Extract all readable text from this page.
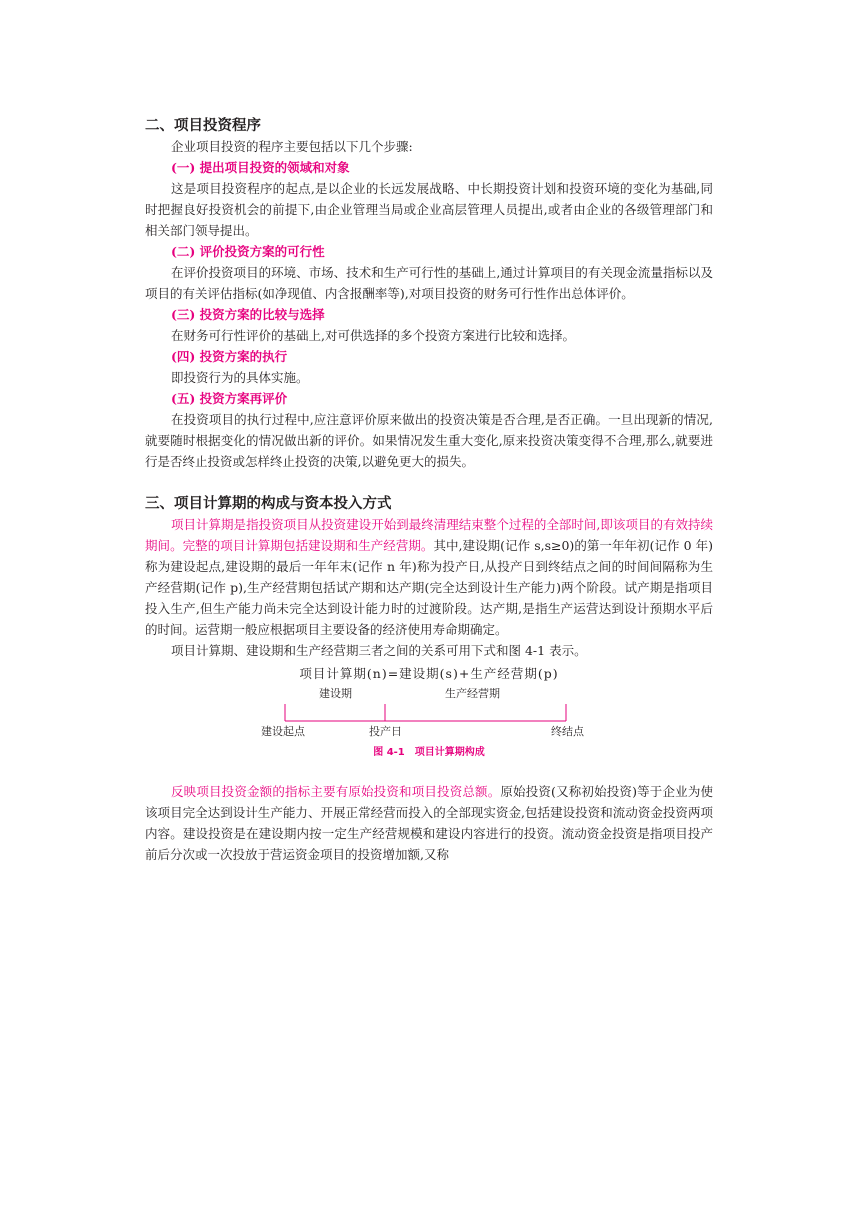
二、项目投资程序

企业项目投资的程序主要包括以下几个步骤:

(一) 提出项目投资的领域和对象

这是项目投资程序的起点,是以企业的长远发展战略、中长期投资计划和投资环境的变化为基础,同时把握良好投资机会的前提下,由企业管理当局或企业高层管理人员提出,或者由企业的各级管理部门和相关部门领导提出。

(二) 评价投资方案的可行性

在评价投资项目的环境、市场、技术和生产可行性的基础上,通过计算项目的有关现金流量指标以及项目的有关评估指标(如净现值、内含报酬率等),对项目投资的财务可行性作出总体评价。

(三) 投资方案的比较与选择

在财务可行性评价的基础上,对可供选择的多个投资方案进行比较和选择。

(四) 投资方案的执行

即投资行为的具体实施。

(五) 投资方案再评价

在投资项目的执行过程中,应注意评价原来做出的投资决策是否合理,是否正确。一旦出现新的情况,就要随时根据变化的情况做出新的评价。如果情况发生重大变化,原来投资决策变得不合理,那么,就要进行是否终止投资或怎样终止投资的决策,以避免更大的损失。

三、项目计算期的构成与资本投入方式

项目计算期是指投资项目从投资建设开始到最终清理结束整个过程的全部时间,即该项目的有效持续期间。完整的项目计算期包括建设期和生产经营期。其中,建设期(记作 s,s≥0)的第一年年初(记作 0 年)称为建设起点,建设期的最后一年年末(记作 n 年)称为投产日,从投产日到终结点之间的时间间隔称为生产经营期(记作 p),生产经营期包括试产期和达产期(完全达到设计生产能力)两个阶段。试产期是指项目投入生产,但生产能力尚未完全达到设计能力时的过渡阶段。达产期,是指生产运营达到设计预期水平后的时间。运营期一般应根据项目主要设备的经济使用寿命期确定。

项目计算期、建设期和生产经营期三者之间的关系可用下式和图 4-1 表示。

项目计算期(n)=建设期(s)+生产经营期(p)
建设期	生产经营期
建设起点	投产日	终结点
图 4-1　项目计算期构成

反映项目投资金额的指标主要有原始投资和项目投资总额。原始投资(又称初始投资)等于企业为使该项目完全达到设计生产能力、开展正常经营而投入的全部现实资金,包括建设投资和流动资金投资两项内容。建设投资是在建设期内按一定生产经营规模和建设内容进行的投资。流动资金投资是指项目投产前后分次或一次投放于营运资金项目的投资增加额,又称
